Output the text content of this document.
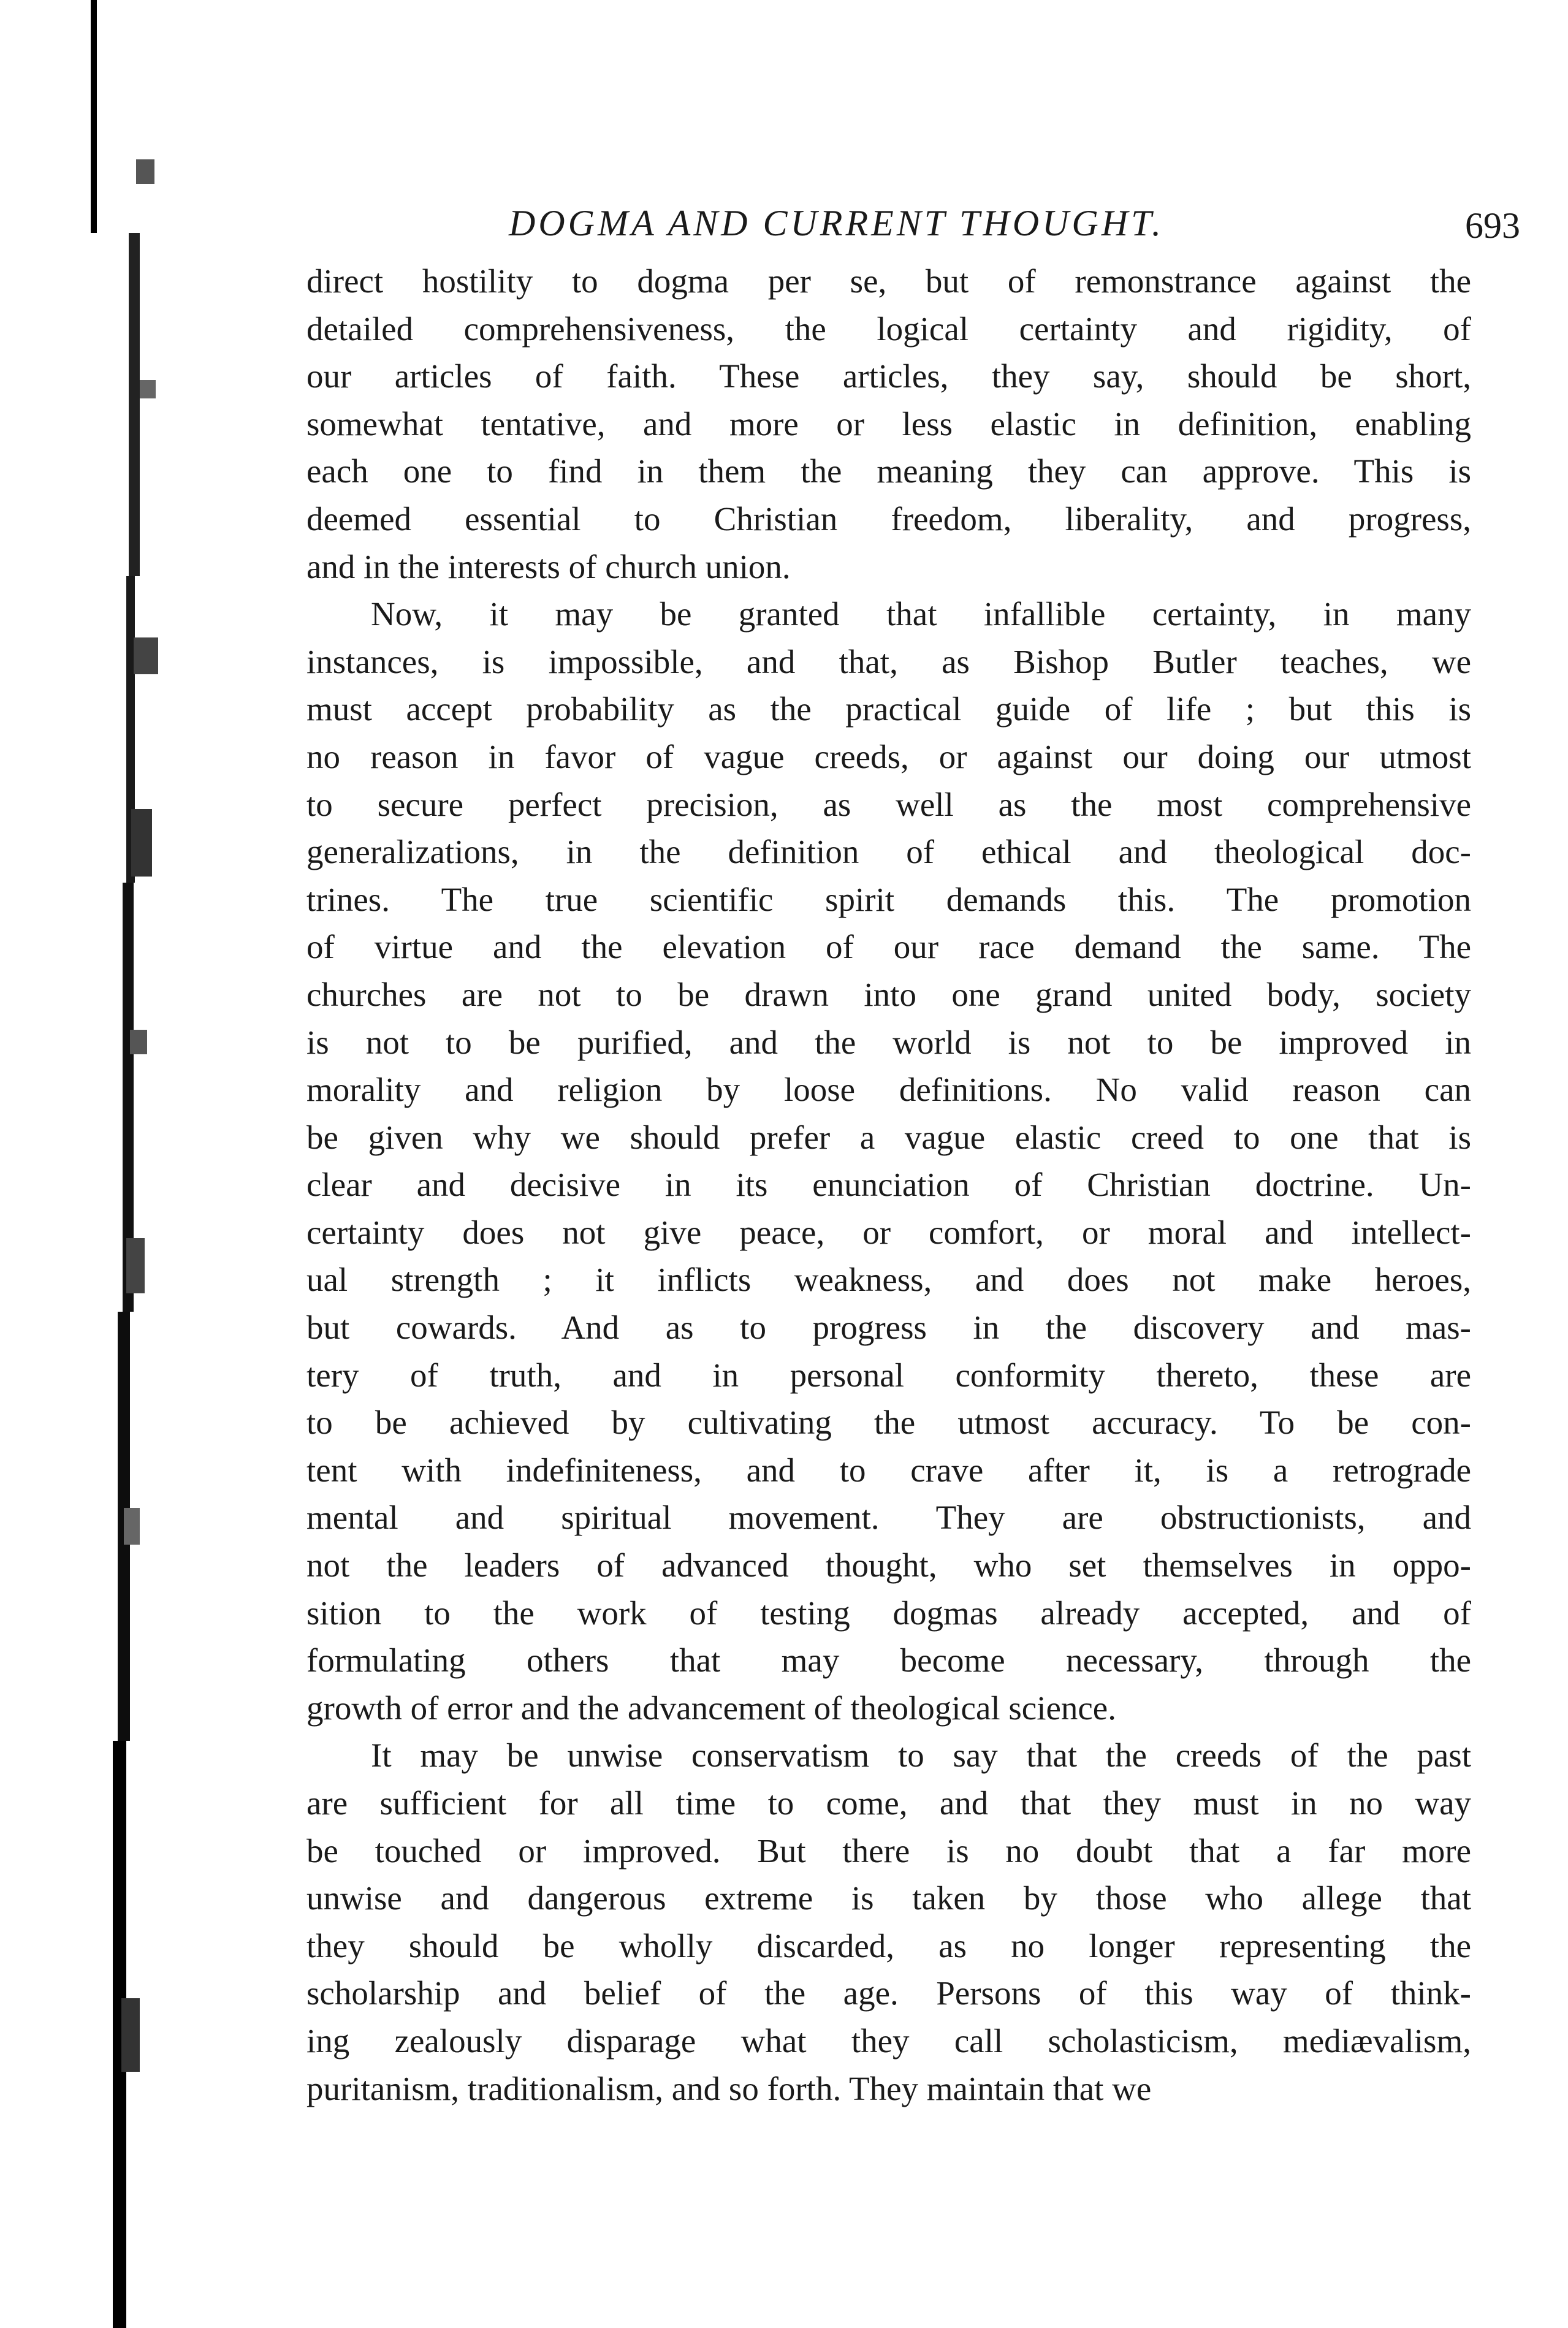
DOGMA AND CURRENT THOUGHT.	693
direct hostility to dogma per se, but of remonstrance against the
detailed comprehensiveness, the logical certainty and rigidity, of
our articles of faith. These articles, they say, should be short,
somewhat tentative, and more or less elastic in definition, enabling
each one to find in them the meaning they can approve. This is
deemed essential to Christian freedom, liberality, and progress,
and in the interests of church union.
Now, it may be granted that infallible certainty, in many
instances, is impossible, and that, as Bishop Butler teaches, we
must accept probability as the practical guide of life ; but this is
no reason in favor of vague creeds, or against our doing our utmost
to secure perfect precision, as well as the most comprehensive
generalizations, in the definition of ethical and theological doc-
trines. The true scientific spirit demands this. The promotion
of virtue and the elevation of our race demand the same. The
churches are not to be drawn into one grand united body, society
is not to be purified, and the world is not to be improved in
morality and religion by loose definitions. No valid reason can
be given why we should prefer a vague elastic creed to one that is
clear and decisive in its enunciation of Christian doctrine. Un-
certainty does not give peace, or comfort, or moral and intellect-
ual strength ; it inflicts weakness, and does not make heroes,
but cowards. And as to progress in the discovery and mas-
tery of truth, and in personal conformity thereto, these are
to be achieved by cultivating the utmost accuracy. To be con-
tent with indefiniteness, and to crave after it, is a retrograde
mental and spiritual movement. They are obstructionists, and
not the leaders of advanced thought, who set themselves in oppo-
sition to the work of testing dogmas already accepted, and of
formulating others that may become necessary, through the
growth of error and the advancement of theological science.
It may be unwise conservatism to say that the creeds of the past
are sufficient for all time to come, and that they must in no way
be touched or improved. But there is no doubt that a far more
unwise and dangerous extreme is taken by those who allege that
they should be wholly discarded, as no longer representing the
scholarship and belief of the age. Persons of this way of think-
ing zealously disparage what they call scholasticism, mediævalism,
puritanism, traditionalism, and so forth. They maintain that we
